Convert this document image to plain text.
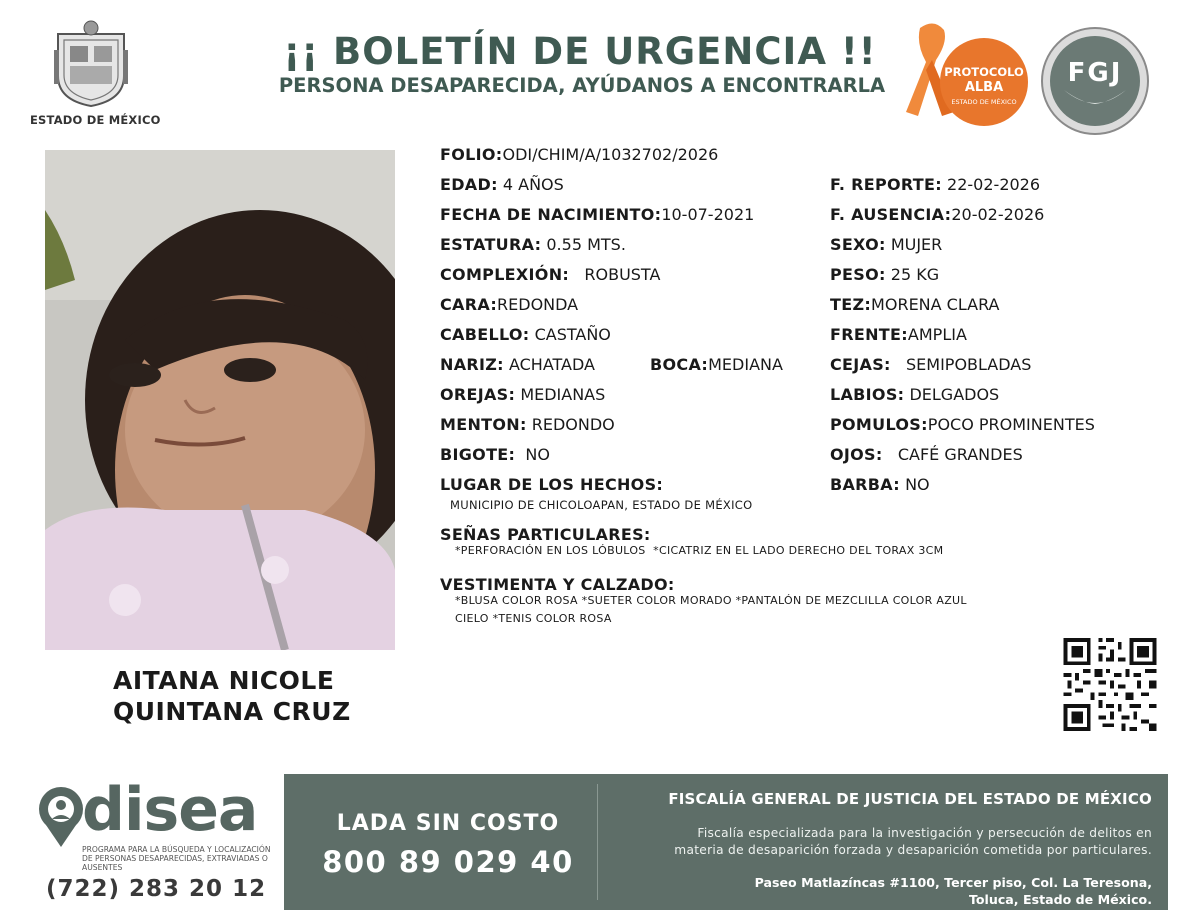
ESTADO DE MÉXICO
¡¡ BOLETÍN DE URGENCIA !!
PERSONA DESAPARECIDA, AYÚDANOS A ENCONTRARLA
PROTOCOLO
ALBA
ESTADO DE MÉXICO
FGJ
AITANA NICOLE
QUINTANA CRUZ
FOLIO:ODI/CHIM/A/1032702/2026
EDAD: 4 AÑOS
FECHA DE NACIMIENTO:10-07-2021
ESTATURA: 0.55 MTS.
COMPLEXIÓN: ROBUSTA
CARA:REDONDA
CABELLO: CASTAÑO
NARIZ: ACHATADA	BOCA:MEDIANA
OREJAS: MEDIANAS
MENTON: REDONDO
BIGOTE: NO
F. REPORTE: 22-02-2026
F. AUSENCIA:20-02-2026
SEXO: MUJER
PESO: 25 KG
TEZ:MORENA CLARA
FRENTE:AMPLIA
CEJAS: SEMIPOBLADAS
LABIOS: DELGADOS
POMULOS:POCO PROMINENTES
OJOS: CAFÉ GRANDES
BARBA: NO
LUGAR DE LOS HECHOS:
MUNICIPIO DE CHICOLOAPAN, ESTADO DE MÉXICO
SEÑAS PARTICULARES:
*PERFORACIÓN EN LOS LÓBULOS  *CICATRIZ EN EL LADO DERECHO DEL TORAX 3CM
VESTIMENTA Y CALZADO:
*BLUSA COLOR ROSA *SUETER COLOR MORADO *PANTALÓN DE MEZCLILLA COLOR AZUL
CIELO *TENIS COLOR ROSA
disea
PROGRAMA PARA LA BÚSQUEDA Y LOCALIZACIÓN DE PERSONAS DESAPARECIDAS, EXTRAVIADAS O AUSENTES
(722) 283 20 12
LADA SIN COSTO
800 89 029 40
FISCALÍA GENERAL DE JUSTICIA DEL ESTADO DE MÉXICO
Fiscalía especializada para la investigación y persecución de delitos en
materia de desaparición forzada y desaparición cometida por particulares.
Paseo Matlazíncas #1100, Tercer piso, Col. La Teresona,
Toluca, Estado de México.
